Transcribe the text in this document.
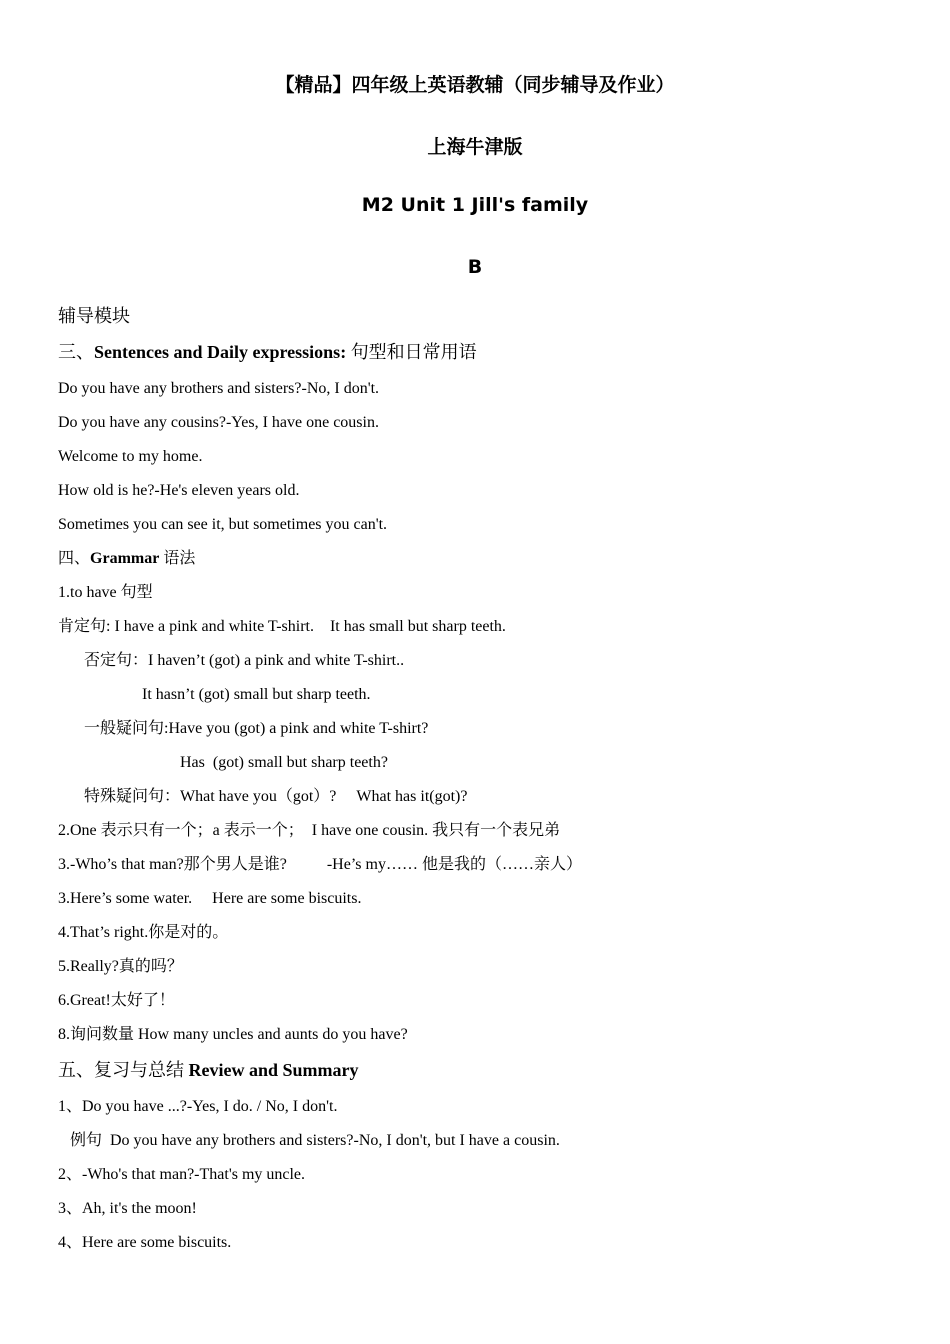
【精品】四年级上英语教辅（同步辅导及作业）
上海牛津版
M2 Unit 1 Jill's family
B
辅导模块
三、Sentences and Daily expressions: 句型和日常用语
Do you have any brothers and sisters?-No, I don't.
Do you have any cousins?-Yes, I have one cousin.
Welcome to my home.
How old is he?-He's eleven years old.
Sometimes you can see it, but sometimes you can't.
四、Grammar 语法
1.to have 句型
肯定句: I have a pink and white T-shirt.    It has small but sharp teeth.
否定句：I haven’t (got) a pink and white T-shirt..
It hasn’t (got) small but sharp teeth.
一般疑问句:Have you (got) a pink and white T-shirt?
Has  (got) small but sharp teeth?
特殊疑问句：What have you（got）?     What has it(got)?
2.One 表示只有一个；a 表示一个；  I have one cousin. 我只有一个表兄弟
3.-Who’s that man?那个男人是谁?          -He’s my…… 他是我的（……亲人）
3.Here’s some water.     Here are some biscuits.
4.That’s right.你是对的。
5.Really?真的吗？
6.Great!太好了！
8.询问数量 How many uncles and aunts do you have?
五、复习与总结 Review and Summary
1、Do you have ...?-Yes, I do. / No, I don't.
例句  Do you have any brothers and sisters?-No, I don't, but I have a cousin.
2、-Who's that man?-That's my uncle.
3、Ah, it's the moon!
4、Here are some biscuits.
